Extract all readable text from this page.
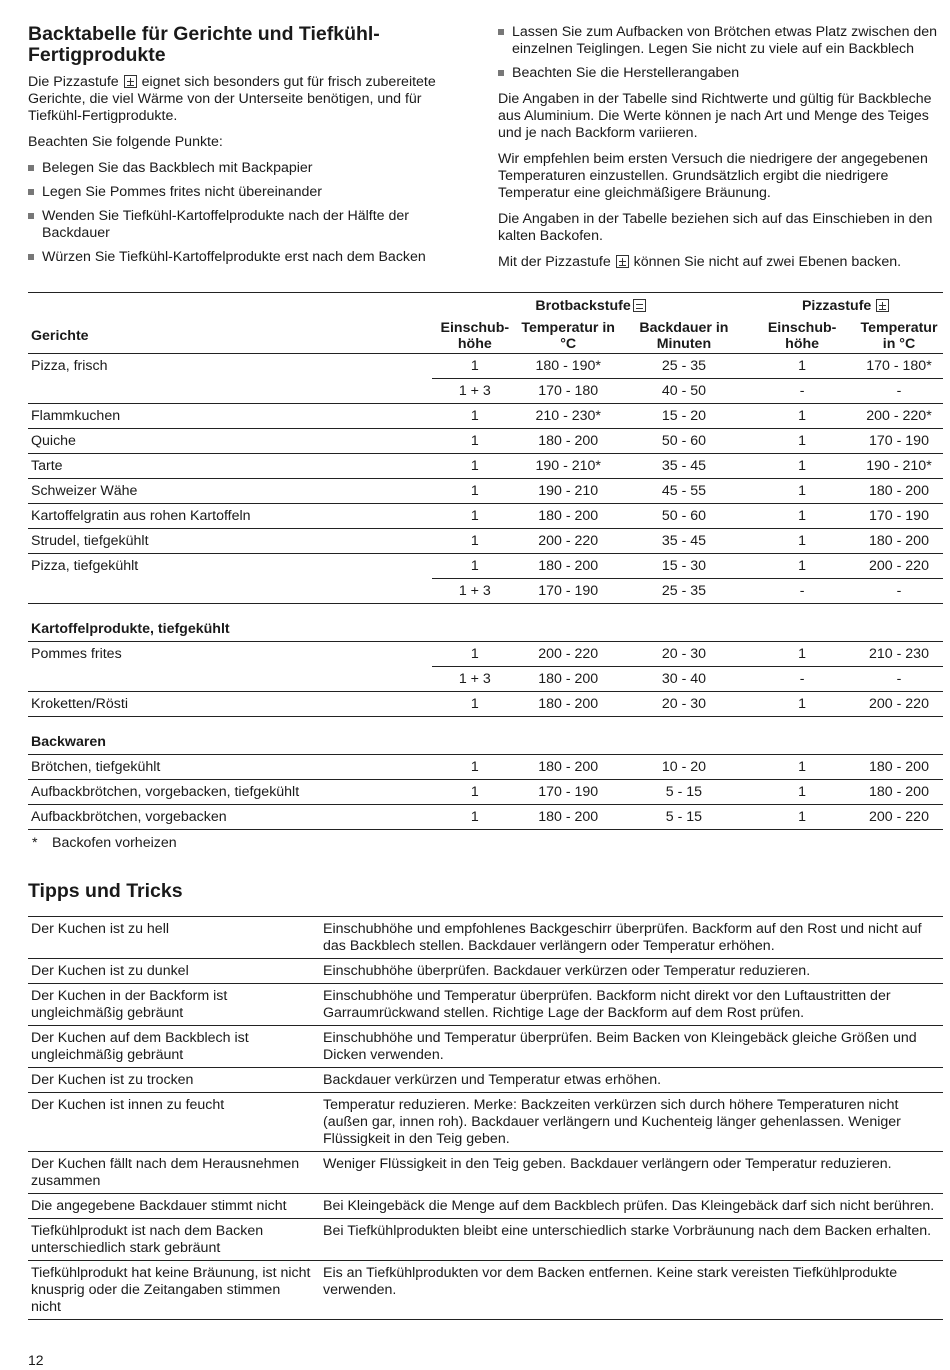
Backtabelle für Gerichte und Tiefkühl-Fertigprodukte

Die Pizzastufe eignet sich besonders gut für frisch zubereitete Gerichte, die viel Wärme von der Unterseite benötigen, und für Tiefkühl-Fertigprodukte.

Beachten Sie folgende Punkte:

Belegen Sie das Backblech mit Backpapier
Legen Sie Pommes frites nicht übereinander
Wenden Sie Tiefkühl-Kartoffelprodukte nach der Hälfte der Backdauer
Würzen Sie Tiefkühl-Kartoffelprodukte erst nach dem Backen
Lassen Sie zum Aufbacken von Brötchen etwas Platz zwischen den einzelnen Teiglingen. Legen Sie nicht zu viele auf ein Backblech
Beachten Sie die Herstellerangaben

Die Angaben in der Tabelle sind Richtwerte und gültig für Backbleche aus Aluminium. Die Werte können je nach Art und Menge des Teiges und je nach Backform variieren.

Wir empfehlen beim ersten Versuch die niedrigere der angegebenen Temperaturen einzustellen. Grundsätzlich ergibt die niedrigere Temperatur eine gleichmäßigere Bräunung.

Die Angaben in der Tabelle beziehen sich auf das Einschieben in den kalten Backofen.

Mit der Pizzastufe können Sie nicht auf zwei Ebenen backen.

	Brotbackstufe			Pizzastufe	

Gerichte	Einschub-höhe	Temperatur in °C	Backdauer in Minuten	Einschub-höhe	Temperatur in °C
Pizza, frisch	1	180 - 190*	25 - 35	1	170 - 180*
	1 + 3	170 - 180	40 - 50	-	-
Flammkuchen	1	210 - 230*	15 - 20	1	200 - 220*
Quiche	1	180 - 200	50 - 60	1	170 - 190
Tarte	1	190 - 210*	35 - 45	1	190 - 210*
Schweizer Wähe	1	190 - 210	45 - 55	1	180 - 200
Kartoffelgratin aus rohen Kartoffeln	1	180 - 200	50 - 60	1	170 - 190
Strudel, tiefgekühlt	1	200 - 220	35 - 45	1	180 - 200
Pizza, tiefgekühlt	1	180 - 200	15 - 30	1	200 - 220
	1 + 3	170 - 190	25 - 35	-	-
Kartoffelprodukte, tiefgekühlt					
Pommes frites	1	200 - 220	20 - 30	1	210 - 230
	1 + 3	180 - 200	30 - 40	-	-
Kroketten/Rösti	1	180 - 200	20 - 30	1	200 - 220
Backwaren					
Brötchen, tiefgekühlt	1	180 - 200	10 - 20	1	180 - 200
Aufbackbrötchen, vorgebacken, tiefgekühlt	1	170 - 190	5 - 15	1	180 - 200
Aufbackbrötchen, vorgebacken	1	180 - 200	5 - 15	1	200 - 220
* Backofen vorheizen
Tipps und Tricks
Der Kuchen ist zu hell	Einschubhöhe und empfohlenes Backgeschirr überprüfen. Backform auf den Rost und nicht auf das Backblech stellen. Backdauer verlängern oder Temperatur erhöhen.
Der Kuchen ist zu dunkel	Einschubhöhe überprüfen. Backdauer verkürzen oder Temperatur reduzieren.
Der Kuchen in der Backform ist ungleichmäßig gebräunt	Einschubhöhe und Temperatur überprüfen. Backform nicht direkt vor den Luftaustritten der Garraumrückwand stellen. Richtige Lage der Backform auf dem Rost prüfen.
Der Kuchen auf dem Backblech ist ungleichmäßig gebräunt	Einschubhöhe und Temperatur überprüfen. Beim Backen von Kleingebäck gleiche Größen und Dicken verwenden.
Der Kuchen ist zu trocken	Backdauer verkürzen und Temperatur etwas erhöhen.
Der Kuchen ist innen zu feucht	Temperatur reduzieren. Merke: Backzeiten verkürzen sich durch höhere Temperaturen nicht (außen gar, innen roh). Backdauer verlängern und Kuchenteig länger gehenlassen. Weniger Flüssigkeit in den Teig geben.
Der Kuchen fällt nach dem Herausnehmen zusammen	Weniger Flüssigkeit in den Teig geben. Backdauer verlängern oder Temperatur reduzieren.
Die angegebene Backdauer stimmt nicht	Bei Kleingebäck die Menge auf dem Backblech prüfen. Das Kleingebäck darf sich nicht berühren.
Tiefkühlprodukt ist nach dem Backen unterschiedlich stark gebräunt	Bei Tiefkühlprodukten bleibt eine unterschiedlich starke Vorbräunung nach dem Backen erhalten.
Tiefkühlprodukt hat keine Bräunung, ist nicht knusprig oder die Zeitangaben stimmen nicht	Eis an Tiefkühlprodukten vor dem Backen entfernen. Keine stark vereisten Tiefkühlprodukte verwenden.
12
